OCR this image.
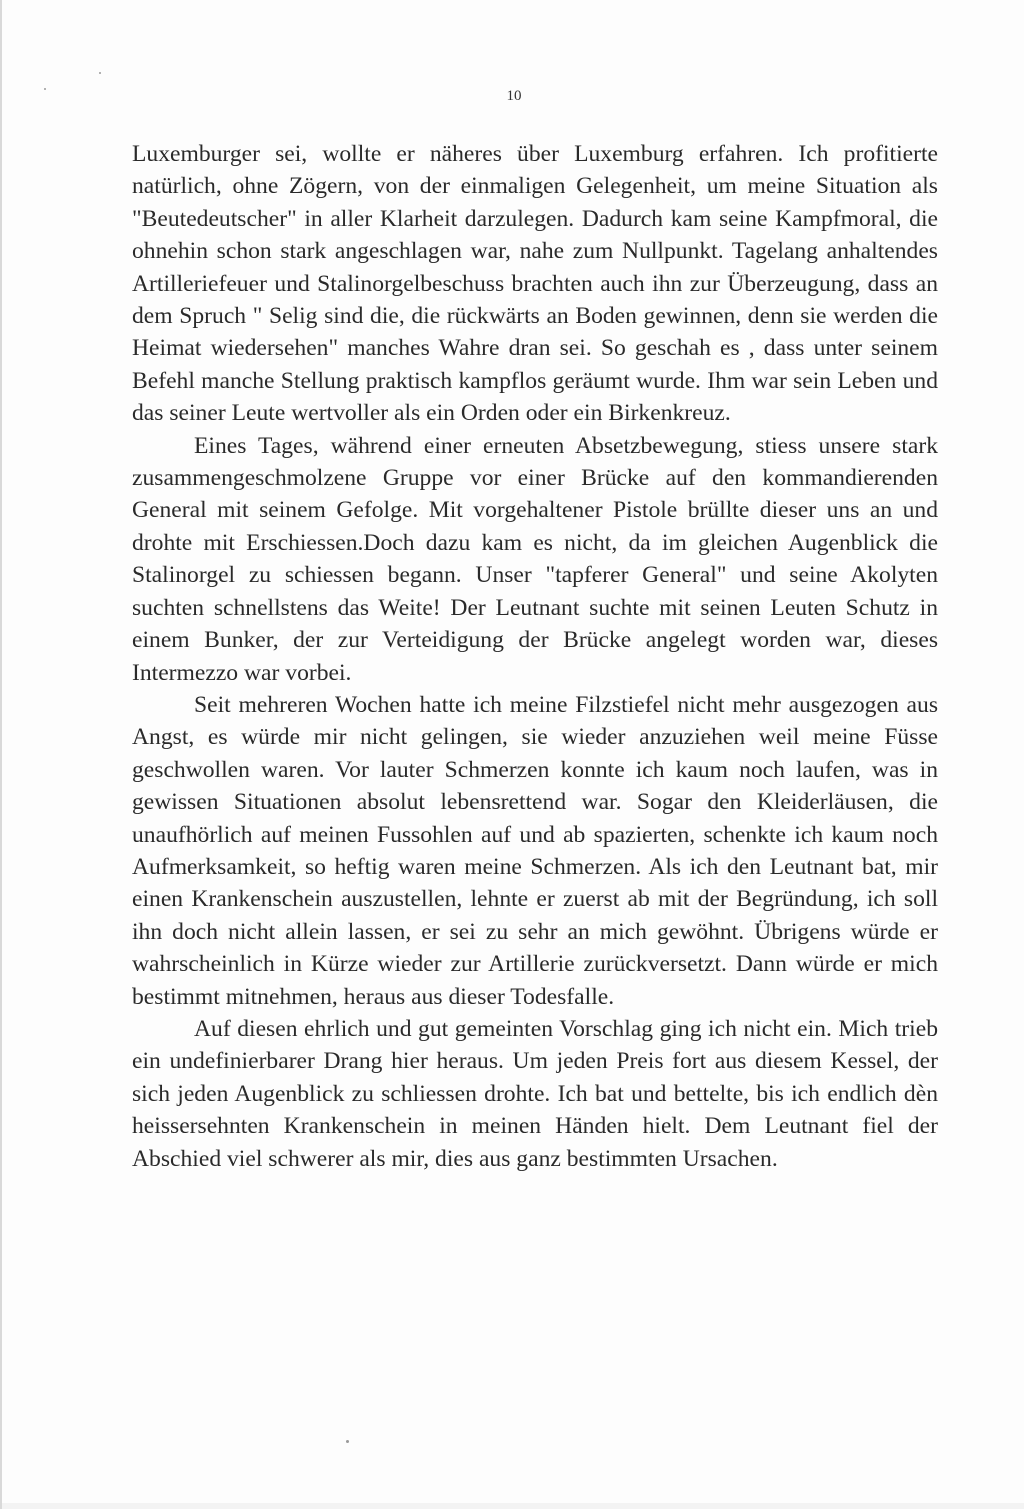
10

Luxemburger sei, wollte er näheres über Luxemburg erfahren. Ich profitierte natürlich, ohne Zögern, von der einmaligen Gelegenheit, um meine Situation als "Beutedeutscher" in aller Klarheit darzulegen. Dadurch kam seine Kampfmoral, die ohnehin schon stark angeschlagen war, nahe zum Nullpunkt. Tagelang anhaltendes Artilleriefeuer und Stalinorgelbeschuss brachten auch ihn zur Überzeugung, dass an dem Spruch " Selig sind die, die rückwärts an Boden gewinnen, denn sie werden die Heimat wiedersehen" manches Wahre dran sei. So geschah es , dass unter seinem Befehl manche Stellung praktisch kampflos geräumt wurde. Ihm war sein Leben und das seiner Leute wertvoller als ein Orden oder ein Birkenkreuz.

Eines Tages, während einer erneuten Absetzbewegung, stiess unsere stark zusammengeschmolzene Gruppe vor einer Brücke auf den kommandierenden General mit seinem Gefolge. Mit vorgehaltener Pistole brüllte dieser uns an und drohte mit Erschiessen.Doch dazu kam es nicht, da im gleichen Augenblick die Stalinorgel zu schiessen begann. Unser "tapferer General" und seine Akolyten suchten schnellstens das Weite! Der Leutnant suchte mit seinen Leuten Schutz in einem Bunker, der zur Verteidigung der Brücke angelegt worden war, dieses Intermezzo war vorbei.

Seit mehreren Wochen hatte ich meine Filzstiefel nicht mehr ausgezogen aus Angst, es würde mir nicht gelingen, sie wieder anzuziehen weil meine Füsse geschwollen waren. Vor lauter Schmerzen konnte ich kaum noch laufen, was in gewissen Situationen absolut lebensrettend war. Sogar den Kleiderläusen, die unaufhörlich auf meinen Fussohlen auf und ab spazierten, schenkte ich kaum noch Aufmerksamkeit, so heftig waren meine Schmerzen. Als ich den Leutnant bat, mir einen Krankenschein auszustellen, lehnte er zuerst ab mit der Begründung, ich soll ihn doch nicht allein lassen, er sei zu sehr an mich gewöhnt. Übrigens würde er wahrscheinlich in Kürze wieder zur Artillerie zurückversetzt. Dann würde er mich bestimmt mitnehmen, heraus aus dieser Todesfalle.

Auf diesen ehrlich und gut gemeinten Vorschlag ging ich nicht ein. Mich trieb ein undefinierbarer Drang hier heraus. Um jeden Preis fort aus diesem Kessel, der sich jeden Augenblick zu schliessen drohte. Ich bat und bettelte, bis ich endlich dèn heissersehnten Krankenschein in meinen Händen hielt. Dem Leutnant fiel der Abschied viel schwerer als mir, dies aus ganz bestimmten Ursachen.
